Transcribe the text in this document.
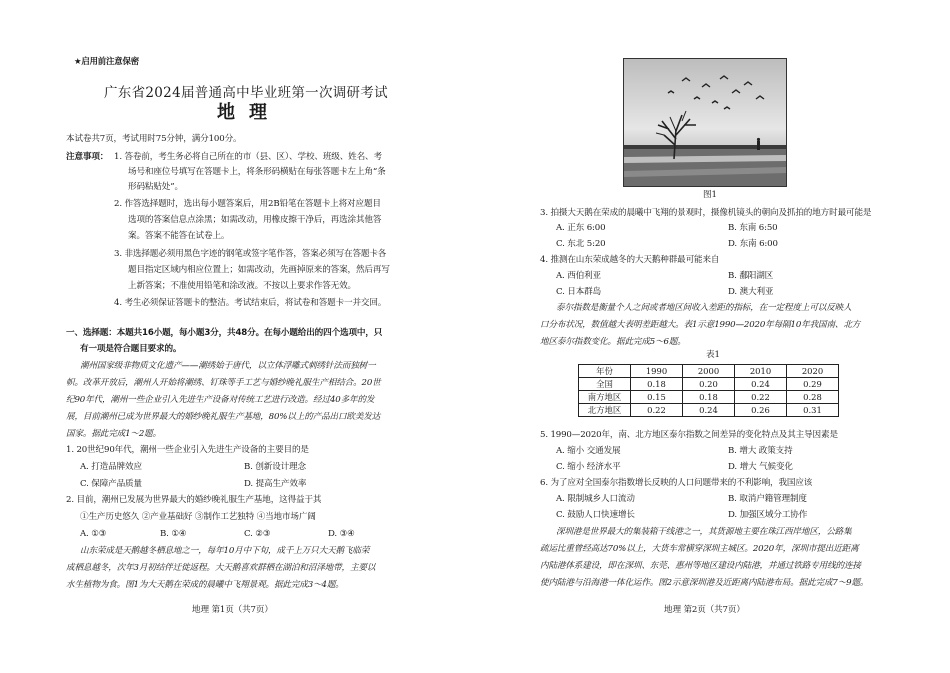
★启用前注意保密
广东省2024届普通高中毕业班第一次调研考试
地理
本试卷共7页，考试用时75分钟，满分100分。
注意事项： 1. 答卷前，考生务必将自己所在的市（县、区）、学校、班级、姓名、考
场号和座位号填写在答题卡上，将条形码横贴在每张答题卡左上角“条
形码粘贴处”。
2. 作答选择题时，选出每小题答案后，用2B铅笔在答题卡上将对应题目
选项的答案信息点涂黑；如需改动，用橡皮擦干净后，再选涂其他答
案。答案不能答在试卷上。
3. 非选择题必须用黑色字迹的钢笔或签字笔作答，答案必须写在答题卡各
题目指定区域内相应位置上；如需改动，先画掉原来的答案，然后再写
上新答案；不准使用铅笔和涂改液。不按以上要求作答无效。
4. 考生必须保证答题卡的整洁。考试结束后，将试卷和答题卡一并交回。
一、选择题：本题共16小题，每小题3分，共48分。在每小题给出的四个选项中，只
有一项是符合题目要求的。
潮州国家级非物质文化遗产——潮绣始于唐代，以立体浮雕式刺绣针法而独树一
帜。改革开放后，潮州人开始将潮绣、钉珠等手工艺与婚纱晚礼服生产相结合。20世
纪90年代，潮州一些企业引入先进生产设备对传统工艺进行改造。经过40多年的发
展，目前潮州已成为世界最大的婚纱晚礼服生产基地，80%以上的产品出口欧美发达
国家。据此完成1～2题。
1. 20世纪90年代，潮州一些企业引入先进生产设备的主要目的是
A. 打造品牌效应	B. 创新设计理念
C. 保障产品质量	D. 提高生产效率
2. 目前，潮州已发展为世界最大的婚纱晚礼服生产基地，这得益于其
①生产历史悠久 ②产业基础好 ③制作工艺独特 ④当地市场广阔
A. ①③	B. ①④	C. ②③	D. ③④
山东荣成是天鹅越冬栖息地之一，每年10月中下旬，成千上万只大天鹅飞临荣
成栖息越冬，次年3月初结伴迁徙返程。大天鹅喜欢群栖在湖泊和沼泽地带，主要以
水生植物为食。图1为大天鹅在荣成的晨曦中飞翔景观。据此完成3～4题。
地理 第1页（共7页）
图1
3. 拍摄大天鹅在荣成的晨曦中飞翔的景观时，摄像机镜头的朝向及抓拍的地方时最可能是
A. 正东 6:00	B. 东南 6:50
C. 东北 5:20	D. 东南 6:00
4. 推测在山东荣成越冬的大天鹅种群最可能来自
A. 西伯利亚	B. 鄱阳湖区
C. 日本群岛	D. 澳大利亚
泰尔指数是衡量个人之间或者地区间收入差距的指标，在一定程度上可以反映人
口分布状况，数值越大表明差距越大。表1示意1990—2020年每隔10年我国南、北方
地区泰尔指数变化。据此完成5～6题。
表1
年份	1990	2000	2010	2020
全国	0.18	0.20	0.24	0.29
南方地区	0.15	0.18	0.22	0.28
北方地区	0.22	0.24	0.26	0.31
5. 1990—2020年，南、北方地区泰尔指数之间差异的变化特点及其主导因素是
A. 缩小 交通发展	B. 增大 政策支持
C. 缩小 经济水平	D. 增大 气候变化
6. 为了应对全国泰尔指数增长反映的人口问题带来的不利影响，我国应该
A. 限制城乡人口流动	B. 取消户籍管理制度
C. 鼓励人口快速增长	D. 加强区域分工协作
深圳港是世界最大的集装箱干线港之一，其货源地主要在珠江西岸地区，公路集
疏运比重曾经高达70%以上，大货车常横穿深圳主城区。2020年，深圳市提出近距离
内陆港体系建设，即在深圳、东莞、惠州等地区建设内陆港，并通过铁路专用线的连接
使内陆港与沿海港一体化运作。图2示意深圳港及近距离内陆港布局。据此完成7～9题。
地理 第2页（共7页）
